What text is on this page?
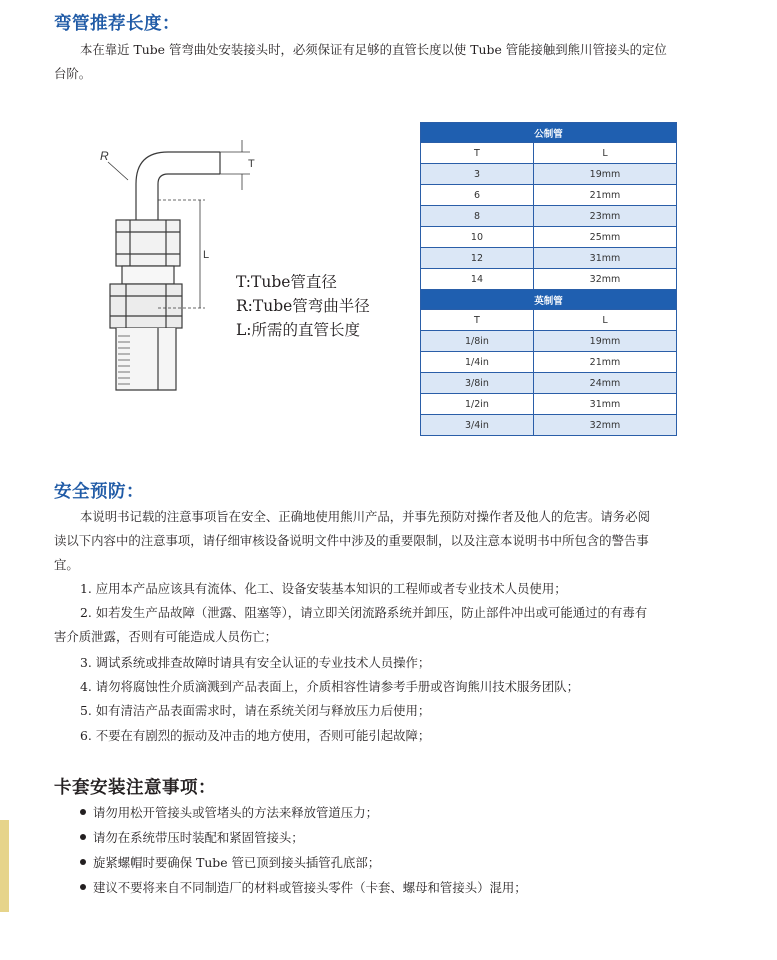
弯管推荐长度：

本在靠近 Tube 管弯曲处安装接头时，必须保证有足够的直管长度以使 Tube 管能接触到熊川管接头的定位

台阶。

R
T
L

T:Tube管直径

R:Tube管弯曲半径

L:所需的直管长度

公制管	
T	L
3	19mm
6	21mm
8	23mm
10	25mm
12	31mm
14	32mm
英制管	
T	L
1/8in	19mm
1/4in	21mm
3/8in	24mm
1/2in	31mm
3/4in	32mm
安全预防：

本说明书记载的注意事项旨在安全、正确地使用熊川产品，并事先预防对操作者及他人的危害。请务必阅

读以下内容中的注意事项，请仔细审核设备说明文件中涉及的重要限制，以及注意本说明书中所包含的警告事

宜。

1. 应用本产品应该具有流体、化工、设备安装基本知识的工程师或者专业技术人员使用；

2. 如若发生产品故障（泄露、阻塞等），请立即关闭流路系统并卸压，防止部件冲出或可能通过的有毒有

害介质泄露，否则有可能造成人员伤亡；

3. 调试系统或排查故障时请具有安全认证的专业技术人员操作；

4. 请勿将腐蚀性介质滴溅到产品表面上，介质相容性请参考手册或咨询熊川技术服务团队；

5. 如有清洁产品表面需求时，请在系统关闭与释放压力后使用；

6. 不要在有剧烈的振动及冲击的地方使用，否则可能引起故障；

卡套安装注意事项：

请勿用松开管接头或管堵头的方法来释放管道压力；

请勿在系统带压时装配和紧固管接头；

旋紧螺帽时要确保 Tube 管已顶到接头插管孔底部；

建议不要将来自不同制造厂的材料或管接头零件（卡套、螺母和管接头）混用；
